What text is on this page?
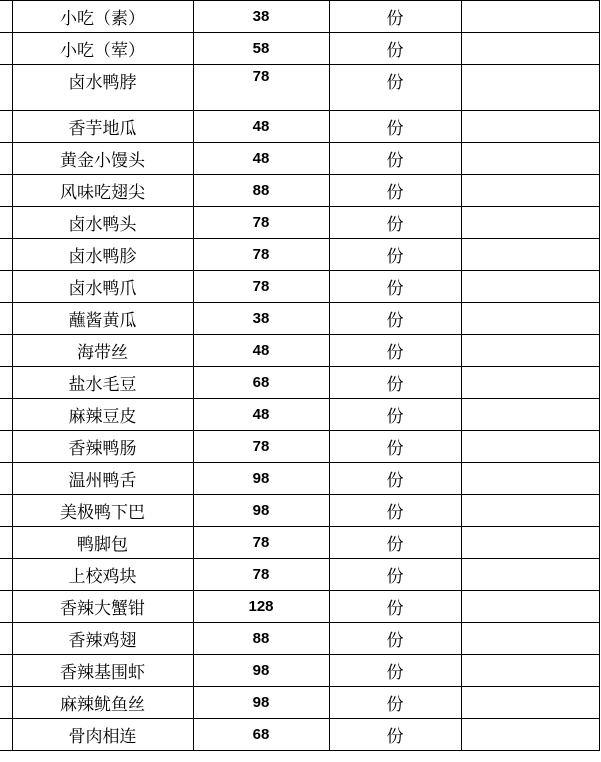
	小吃（素）	38	份	
	小吃（荤）	58	份	
	卤水鸭脖	78	份	
	香芋地瓜	48	份	
	黄金小馒头	48	份	
	风味吃翅尖	88	份	
	卤水鸭头	78	份	
	卤水鸭胗	78	份	
	卤水鸭爪	78	份	
	蘸酱黄瓜	38	份	
	海带丝	48	份	
	盐水毛豆	68	份	
	麻辣豆皮	48	份	
	香辣鸭肠	78	份	
	温州鸭舌	98	份	
	美极鸭下巴	98	份	
	鸭脚包	78	份	
	上校鸡块	78	份	
	香辣大蟹钳	128	份	
	香辣鸡翅	88	份	
	香辣基围虾	98	份	
	麻辣鱿鱼丝	98	份	
	骨肉相连	68	份	
